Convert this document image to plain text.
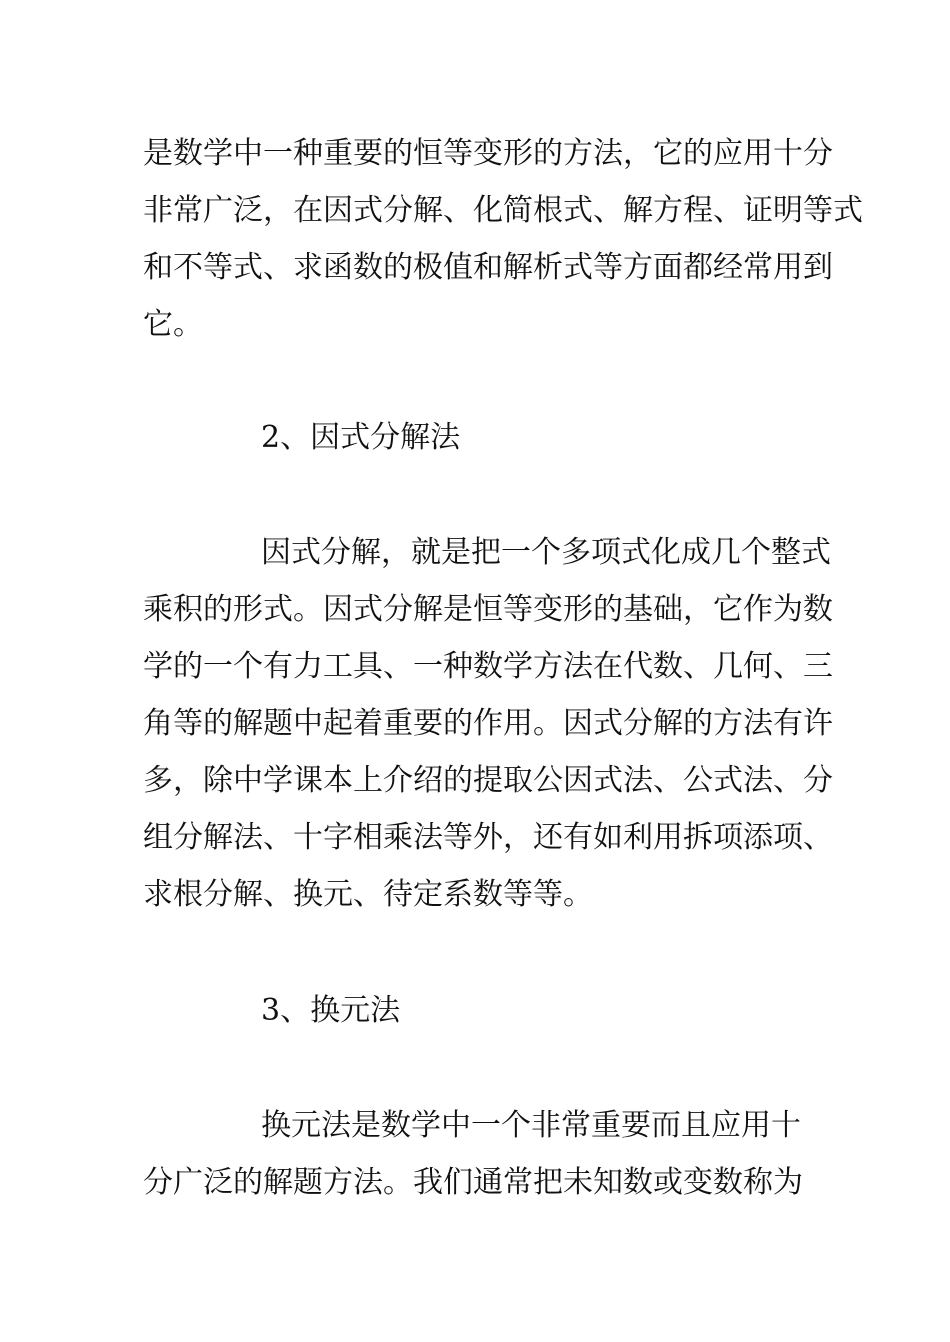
是数学中一种重要的恒等变形的方法，它的应用十分
非常广泛，在因式分解、化简根式、解方程、证明等式
和不等式、求函数的极值和解析式等方面都经常用到
它。
2、因式分解法
因式分解，就是把一个多项式化成几个整式
乘积的形式。因式分解是恒等变形的基础，它作为数
学的一个有力工具、一种数学方法在代数、几何、三
角等的解题中起着重要的作用。因式分解的方法有许
多，除中学课本上介绍的提取公因式法、公式法、分
组分解法、十字相乘法等外，还有如利用拆项添项、
求根分解、换元、待定系数等等。
3、换元法
换元法是数学中一个非常重要而且应用十
分广泛的解题方法。我们通常把未知数或变数称为
